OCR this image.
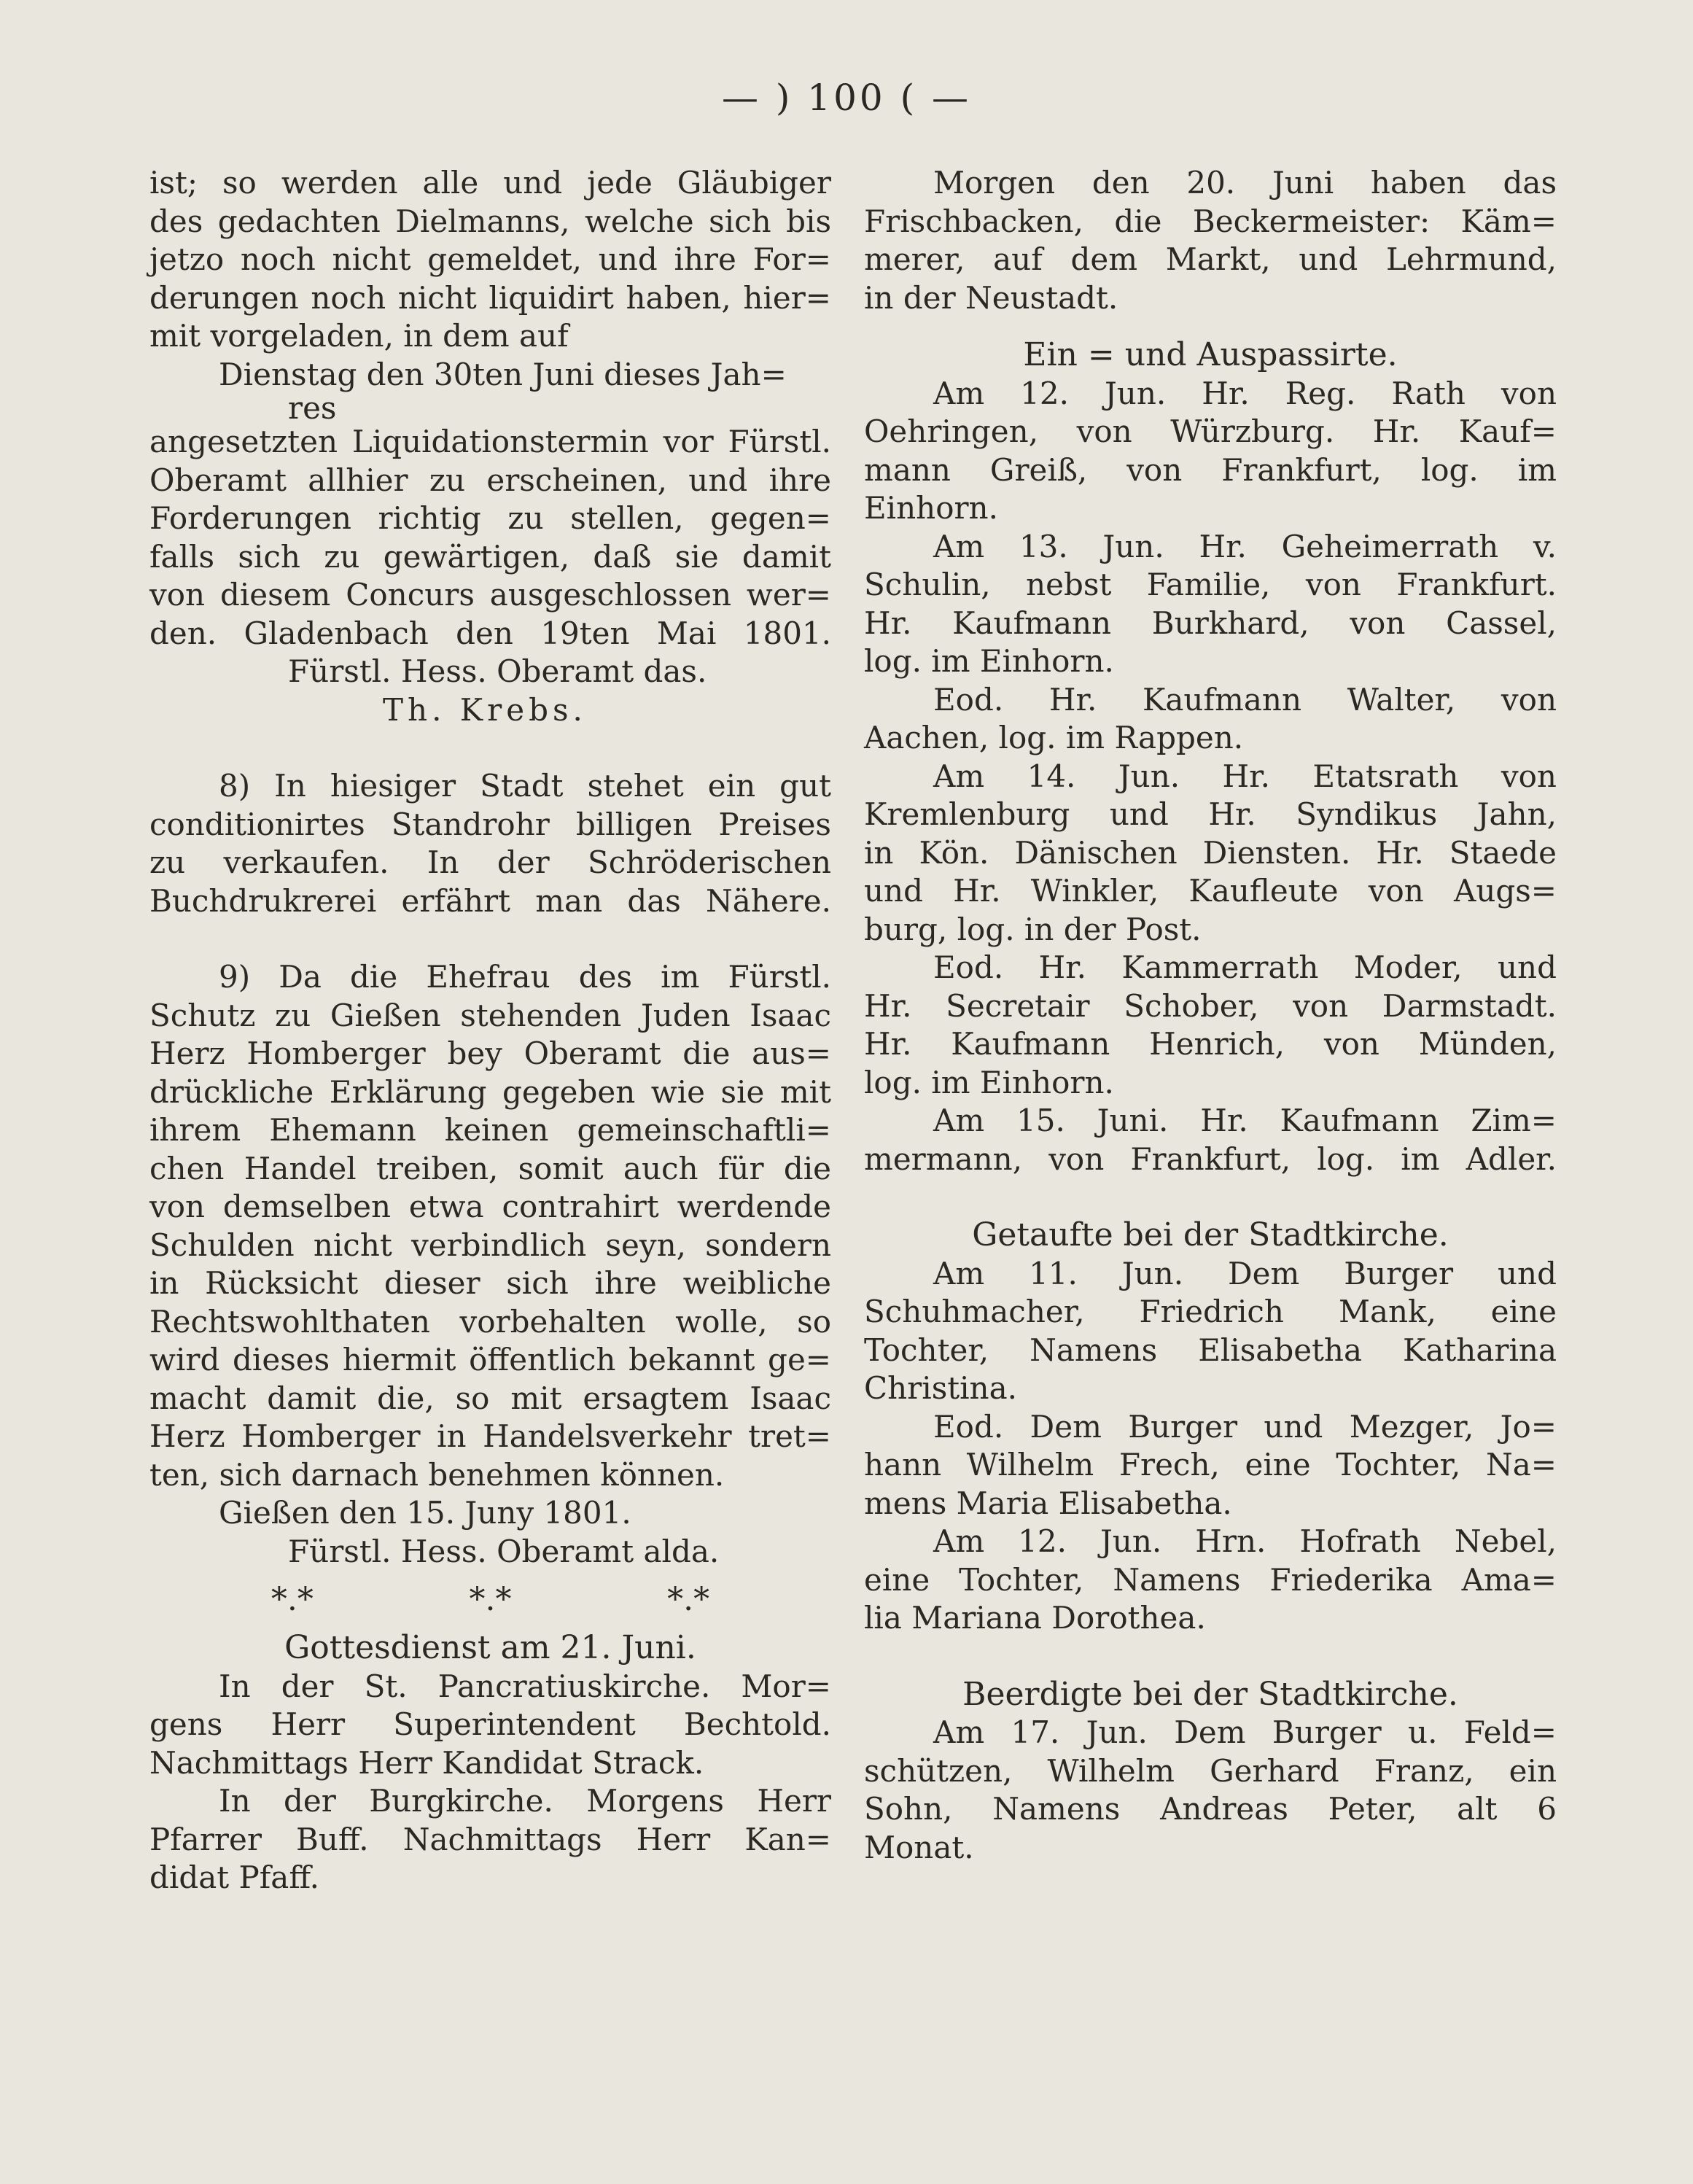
— ) 100 ( —
ist; so werden alle und jede Gläubiger
des gedachten Dielmanns, welche sich bis
jetzo noch nicht gemeldet, und ihre For=
derungen noch nicht liquidirt haben, hier=
mit vorgeladen, in dem auf
Dienstag den 30ten Juni dieses Jah=
res
angesetzten Liquidationstermin vor Fürstl.
Oberamt allhier zu erscheinen, und ihre
Forderungen richtig zu stellen, gegen=
falls sich zu gewärtigen, daß sie damit
von diesem Concurs ausgeschlossen wer=
den. Gladenbach den 19ten Mai 1801.
Fürstl. Hess. Oberamt das.
Th. Krebs.
8) In hiesiger Stadt stehet ein gut
conditionirtes Standrohr billigen Preises
zu verkaufen. In der Schröderischen
Buchdrukrerei erfährt man das Nähere.
9) Da die Ehefrau des im Fürstl.
Schutz zu Gießen stehenden Juden Isaac
Herz Homberger bey Oberamt die aus=
drückliche Erklärung gegeben wie sie mit
ihrem Ehemann keinen gemeinschaftli=
chen Handel treiben, somit auch für die
von demselben etwa contrahirt werdende
Schulden nicht verbindlich seyn, sondern
in Rücksicht dieser sich ihre weibliche
Rechtswohlthaten vorbehalten wolle, so
wird dieses hiermit öffentlich bekannt ge=
macht damit die, so mit ersagtem Isaac
Herz Homberger in Handelsverkehr tret=
ten, sich darnach benehmen können.
Gießen den 15. Juny 1801.
Fürstl. Hess. Oberamt alda.
*.*	*.*	*.*
Gottesdienst am 21. Juni.
In der St. Pancratiuskirche. Mor=
gens Herr Superintendent Bechtold.
Nachmittags Herr Kandidat Strack.
In der Burgkirche. Morgens Herr
Pfarrer Buff. Nachmittags Herr Kan=
didat Pfaff.
Morgen den 20. Juni haben das
Frischbacken, die Beckermeister: Käm=
merer, auf dem Markt, und Lehrmund,
in der Neustadt.
Ein = und Auspassirte.
Am 12. Jun. Hr. Reg. Rath von
Oehringen, von Würzburg. Hr. Kauf=
mann Greiß, von Frankfurt, log. im
Einhorn.
Am 13. Jun. Hr. Geheimerrath v.
Schulin, nebst Familie, von Frankfurt.
Hr. Kaufmann Burkhard, von Cassel,
log. im Einhorn.
Eod. Hr. Kaufmann Walter, von
Aachen, log. im Rappen.
Am 14. Jun. Hr. Etatsrath von
Kremlenburg und Hr. Syndikus Jahn,
in Kön. Dänischen Diensten. Hr. Staede
und Hr. Winkler, Kaufleute von Augs=
burg, log. in der Post.
Eod. Hr. Kammerrath Moder, und
Hr. Secretair Schober, von Darmstadt.
Hr. Kaufmann Henrich, von Münden,
log. im Einhorn.
Am 15. Juni. Hr. Kaufmann Zim=
mermann, von Frankfurt, log. im Adler.
Getaufte bei der Stadtkirche.
Am 11. Jun. Dem Burger und
Schuhmacher, Friedrich Mank, eine
Tochter, Namens Elisabetha Katharina
Christina.
Eod. Dem Burger und Mezger, Jo=
hann Wilhelm Frech, eine Tochter, Na=
mens Maria Elisabetha.
Am 12. Jun. Hrn. Hofrath Nebel,
eine Tochter, Namens Friederika Ama=
lia Mariana Dorothea.
Beerdigte bei der Stadtkirche.
Am 17. Jun. Dem Burger u. Feld=
schützen, Wilhelm Gerhard Franz, ein
Sohn, Namens Andreas Peter, alt 6
Monat.
